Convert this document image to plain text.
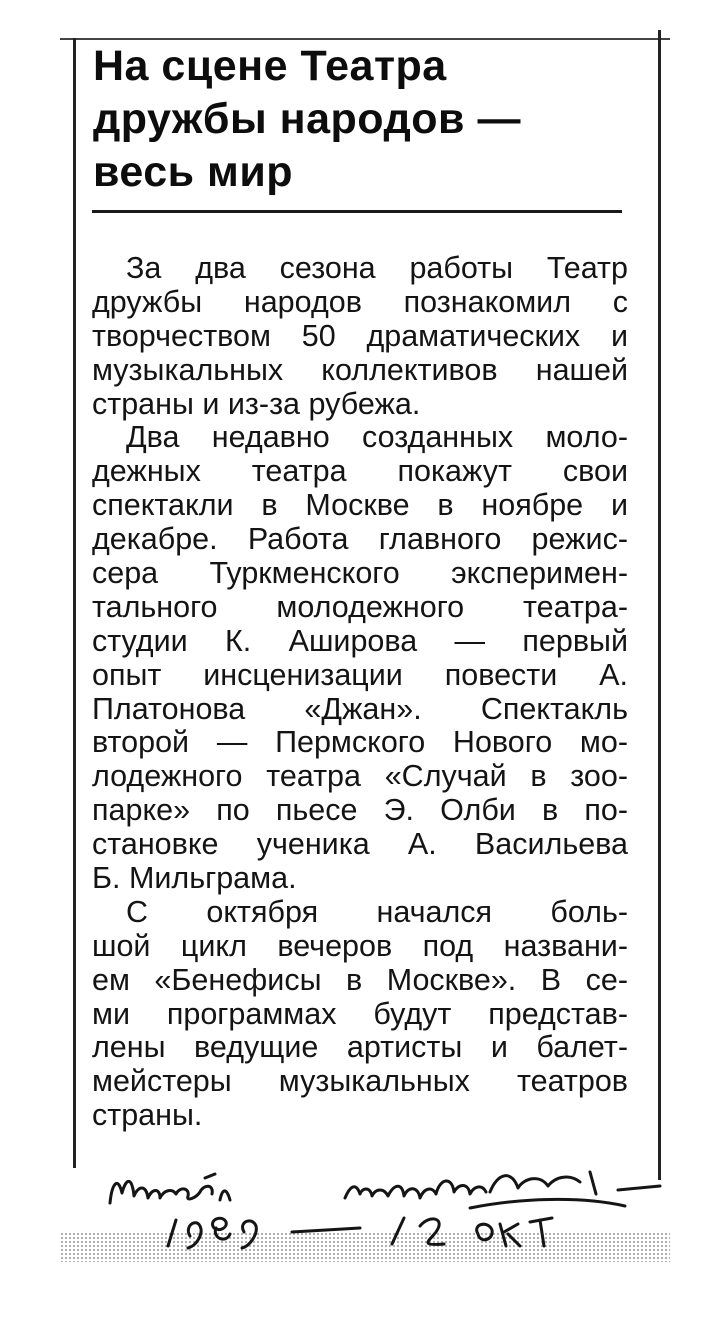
На сцене Театра
дружбы народов —
весь мир
За два сезона работы Театр
дружбы народов познакомил с
творчеством 50 драматических и
музыкальных коллективов нашей
страны и из-за рубежа.
Два недавно созданных моло-
дежных театра покажут свои
спектакли в Москве в ноябре и
декабре. Работа главного режис-
сера Туркменского эксперимен-
тального молодежного театра-
студии К. Аширова — первый
опыт инсценизации повести А.
Платонова «Джан». Спектакль
второй — Пермского Нового мо-
лодежного театра «Случай в зоо-
парке» по пьесе Э. Олби в по-
становке ученика А. Васильева
Б. Мильграма.
С октября начался боль-
шой цикл вечеров под названи-
ем «Бенефисы в Москве». В се-
ми программах будут представ-
лены ведущие артисты и балет-
мейстеры музыкальных театров
страны.
